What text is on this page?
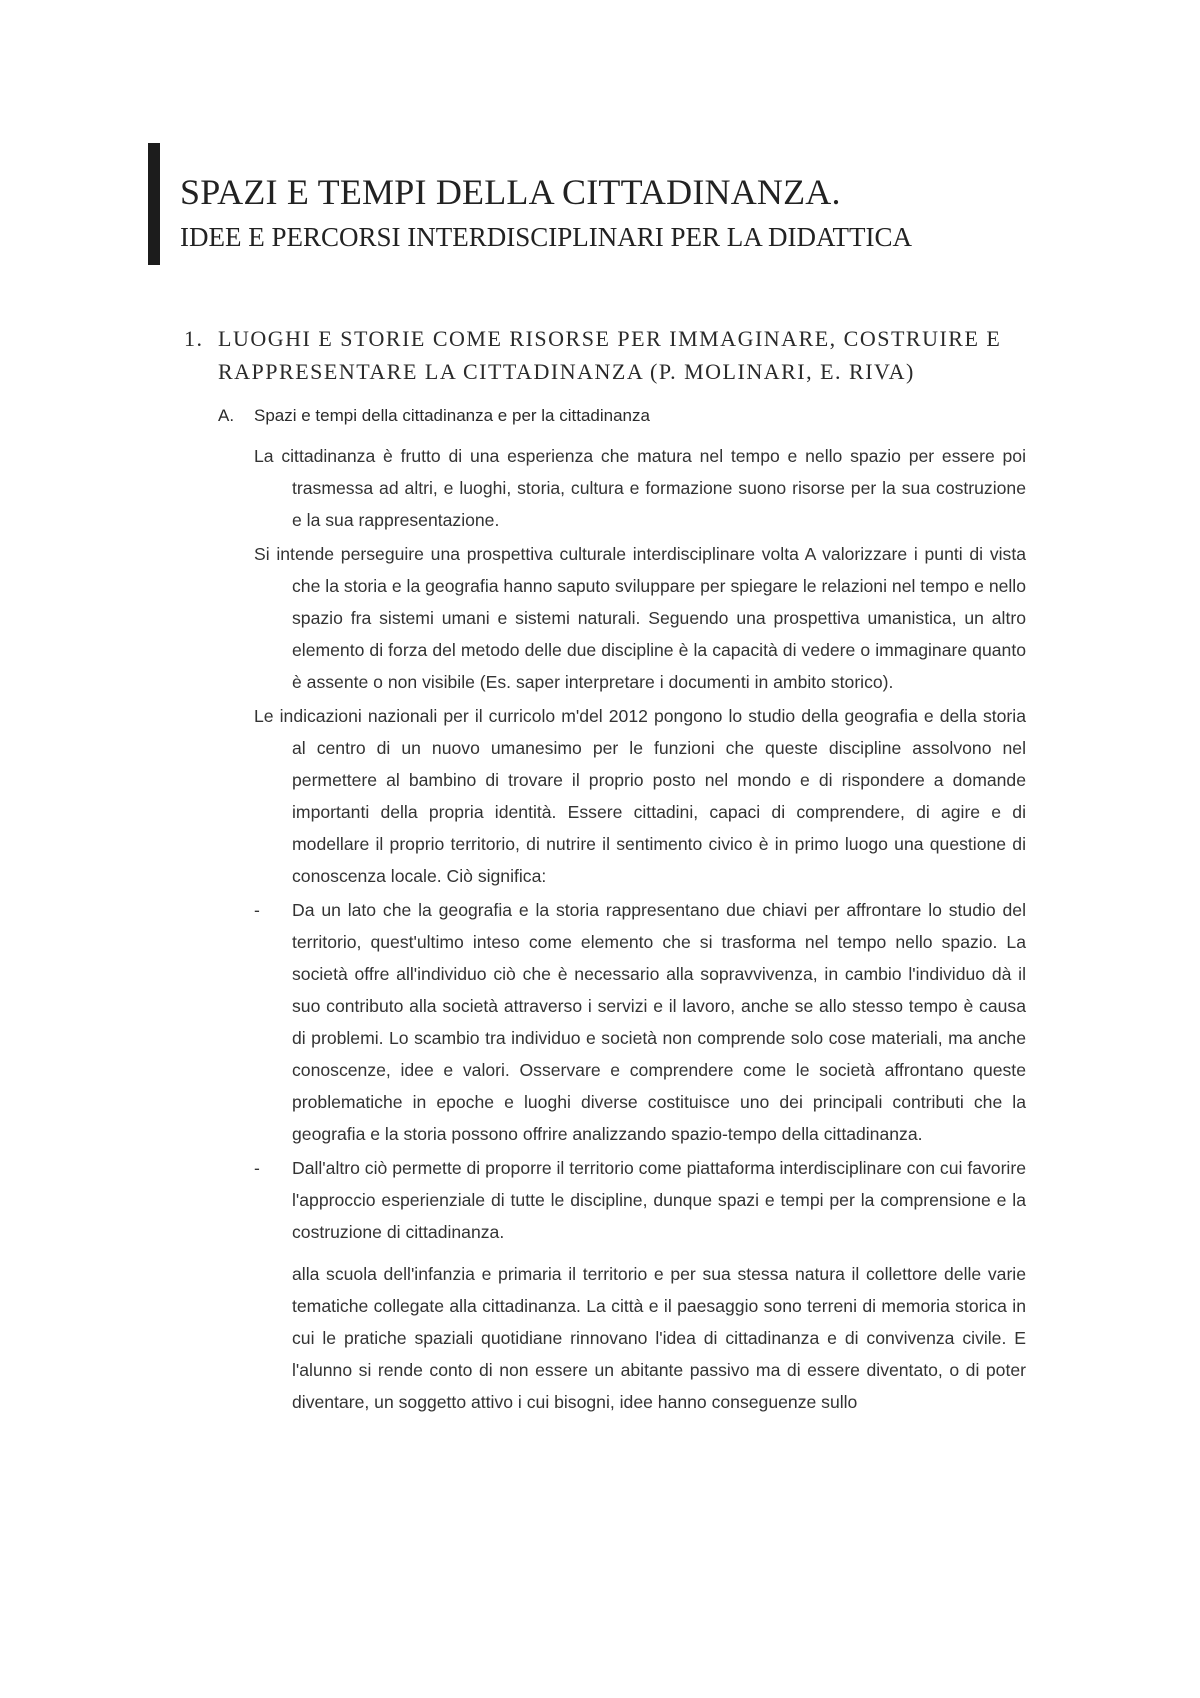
SPAZI E TEMPI DELLA CITTADINANZA.
IDEE E PERCORSI INTERDISCIPLINARI PER LA DIDATTICA
1. LUOGHI E STORIE COME RISORSE PER IMMAGINARE, COSTRUIRE E RAPPRESENTARE LA CITTADINANZA (P. MOLINARI, E. RIVA)
A. Spazi e tempi della cittadinanza e per la cittadinanza

La cittadinanza è frutto di una esperienza che matura nel tempo e nello spazio per essere poi trasmessa ad altri, e luoghi, storia, cultura e formazione suono risorse per la sua costruzione e la sua rappresentazione.

Si intende perseguire una prospettiva culturale interdisciplinare volta A valorizzare i punti di vista che la storia e la geografia hanno saputo sviluppare per spiegare le relazioni nel tempo e nello spazio fra sistemi umani e sistemi naturali. Seguendo una prospettiva umanistica, un altro elemento di forza del metodo delle due discipline è la capacità di vedere o immaginare quanto è assente o non visibile (Es. saper interpretare i documenti in ambito storico).

Le indicazioni nazionali per il curricolo m'del 2012 pongono lo studio della geografia e della storia al centro di un nuovo umanesimo per le funzioni che queste discipline assolvono nel permettere al bambino di trovare il proprio posto nel mondo e di rispondere a domande importanti della propria identità. Essere cittadini, capaci di comprendere, di agire e di modellare il proprio territorio, di nutrire il sentimento civico è in primo luogo una questione di conoscenza locale. Ciò significa:

- Da un lato che la geografia e la storia rappresentano due chiavi per affrontare lo studio del territorio, quest'ultimo inteso come elemento che si trasforma nel tempo nello spazio. La società offre all'individuo ciò che è necessario alla sopravvivenza, in cambio l'individuo dà il suo contributo alla società attraverso i servizi e il lavoro, anche se allo stesso tempo è causa di problemi. Lo scambio tra individuo e società non comprende solo cose materiali, ma anche conoscenze, idee e valori. Osservare e comprendere come le società affrontano queste problematiche in epoche e luoghi diverse costituisce uno dei principali contributi che la geografia e la storia possono offrire analizzando spazio-tempo della cittadinanza.
- Dall'altro ciò permette di proporre il territorio come piattaforma interdisciplinare con cui favorire l'approccio esperienziale di tutte le discipline, dunque spazi e tempi per la comprensione e la costruzione di cittadinanza.

alla scuola dell'infanzia e primaria il territorio e per sua stessa natura il collettore delle varie tematiche collegate alla cittadinanza. La città e il paesaggio sono terreni di memoria storica in cui le pratiche spaziali quotidiane rinnovano l'idea di cittadinanza e di convivenza civile. E l'alunno si rende conto di non essere un abitante passivo ma di essere diventato, o di poter diventare, un soggetto attivo i cui bisogni, idee hanno conseguenze sullo
